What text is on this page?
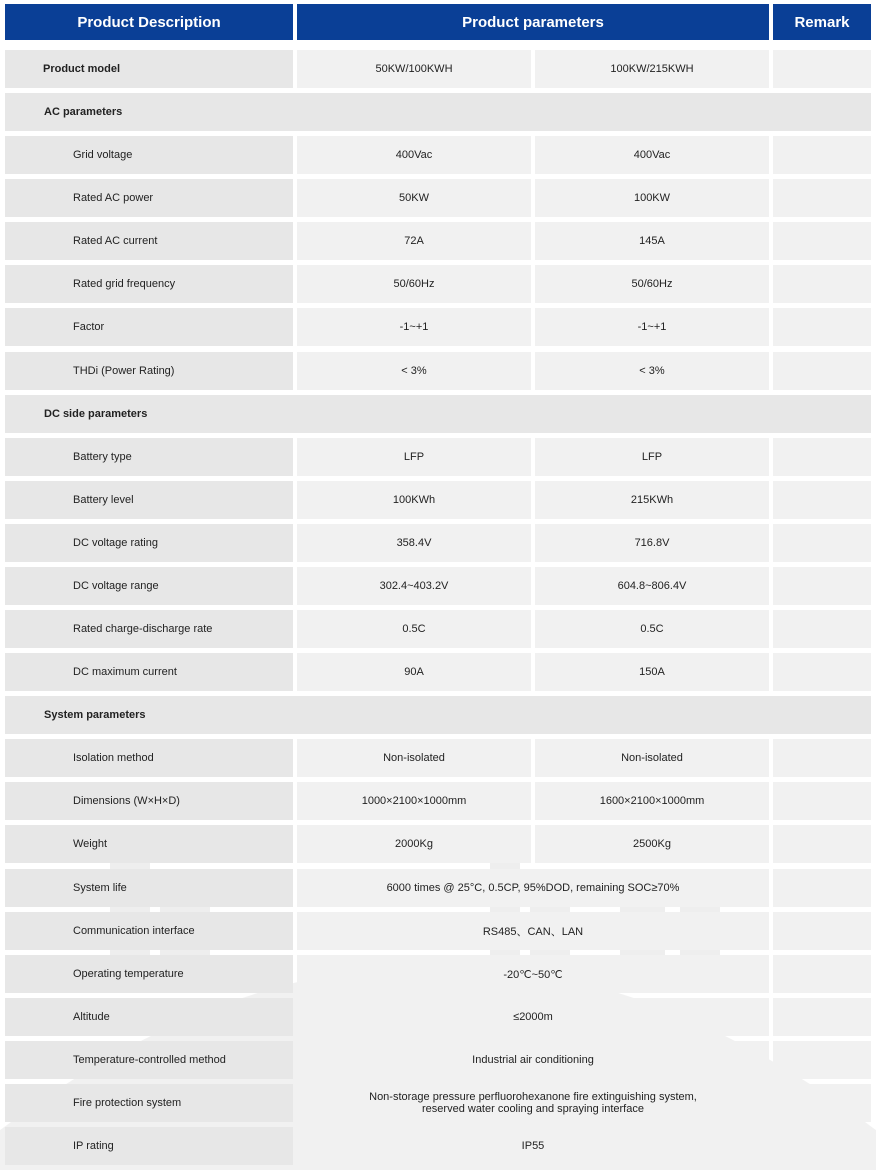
Product Description	Product parameters	Remark
Product model	50KW/100KWH	100KW/215KWH
AC parameters
Grid voltage	400Vac	400Vac
Rated AC power	50KW	100KW
Rated AC current	72A	145A
Rated grid frequency	50/60Hz	50/60Hz
Factor	-1~+1	-1~+1
THDi (Power Rating)	< 3%	< 3%
DC side parameters
Battery type	LFP	LFP
Battery level	100KWh	215KWh
DC voltage rating	358.4V	716.8V
DC voltage range	302.4~403.2V	604.8~806.4V
Rated charge-discharge rate	0.5C	0.5C
DC maximum current	90A	150A
System parameters
Isolation method	Non-isolated	Non-isolated
Dimensions (W×H×D)	1000×2100×1000mm	1600×2100×1000mm
Weight	2000Kg	2500Kg
System life	6000 times @ 25°C, 0.5CP, 95%DOD, remaining SOC≥70%
Communication interface	RS485、CAN、LAN
Operating temperature	-20℃~50℃
Altitude	≤2000m
Temperature-controlled method	Industrial air conditioning
Fire protection system	Non-storage pressure perfluorohexanone fire extinguishing system, reserved water cooling and spraying interface
IP rating	IP55
